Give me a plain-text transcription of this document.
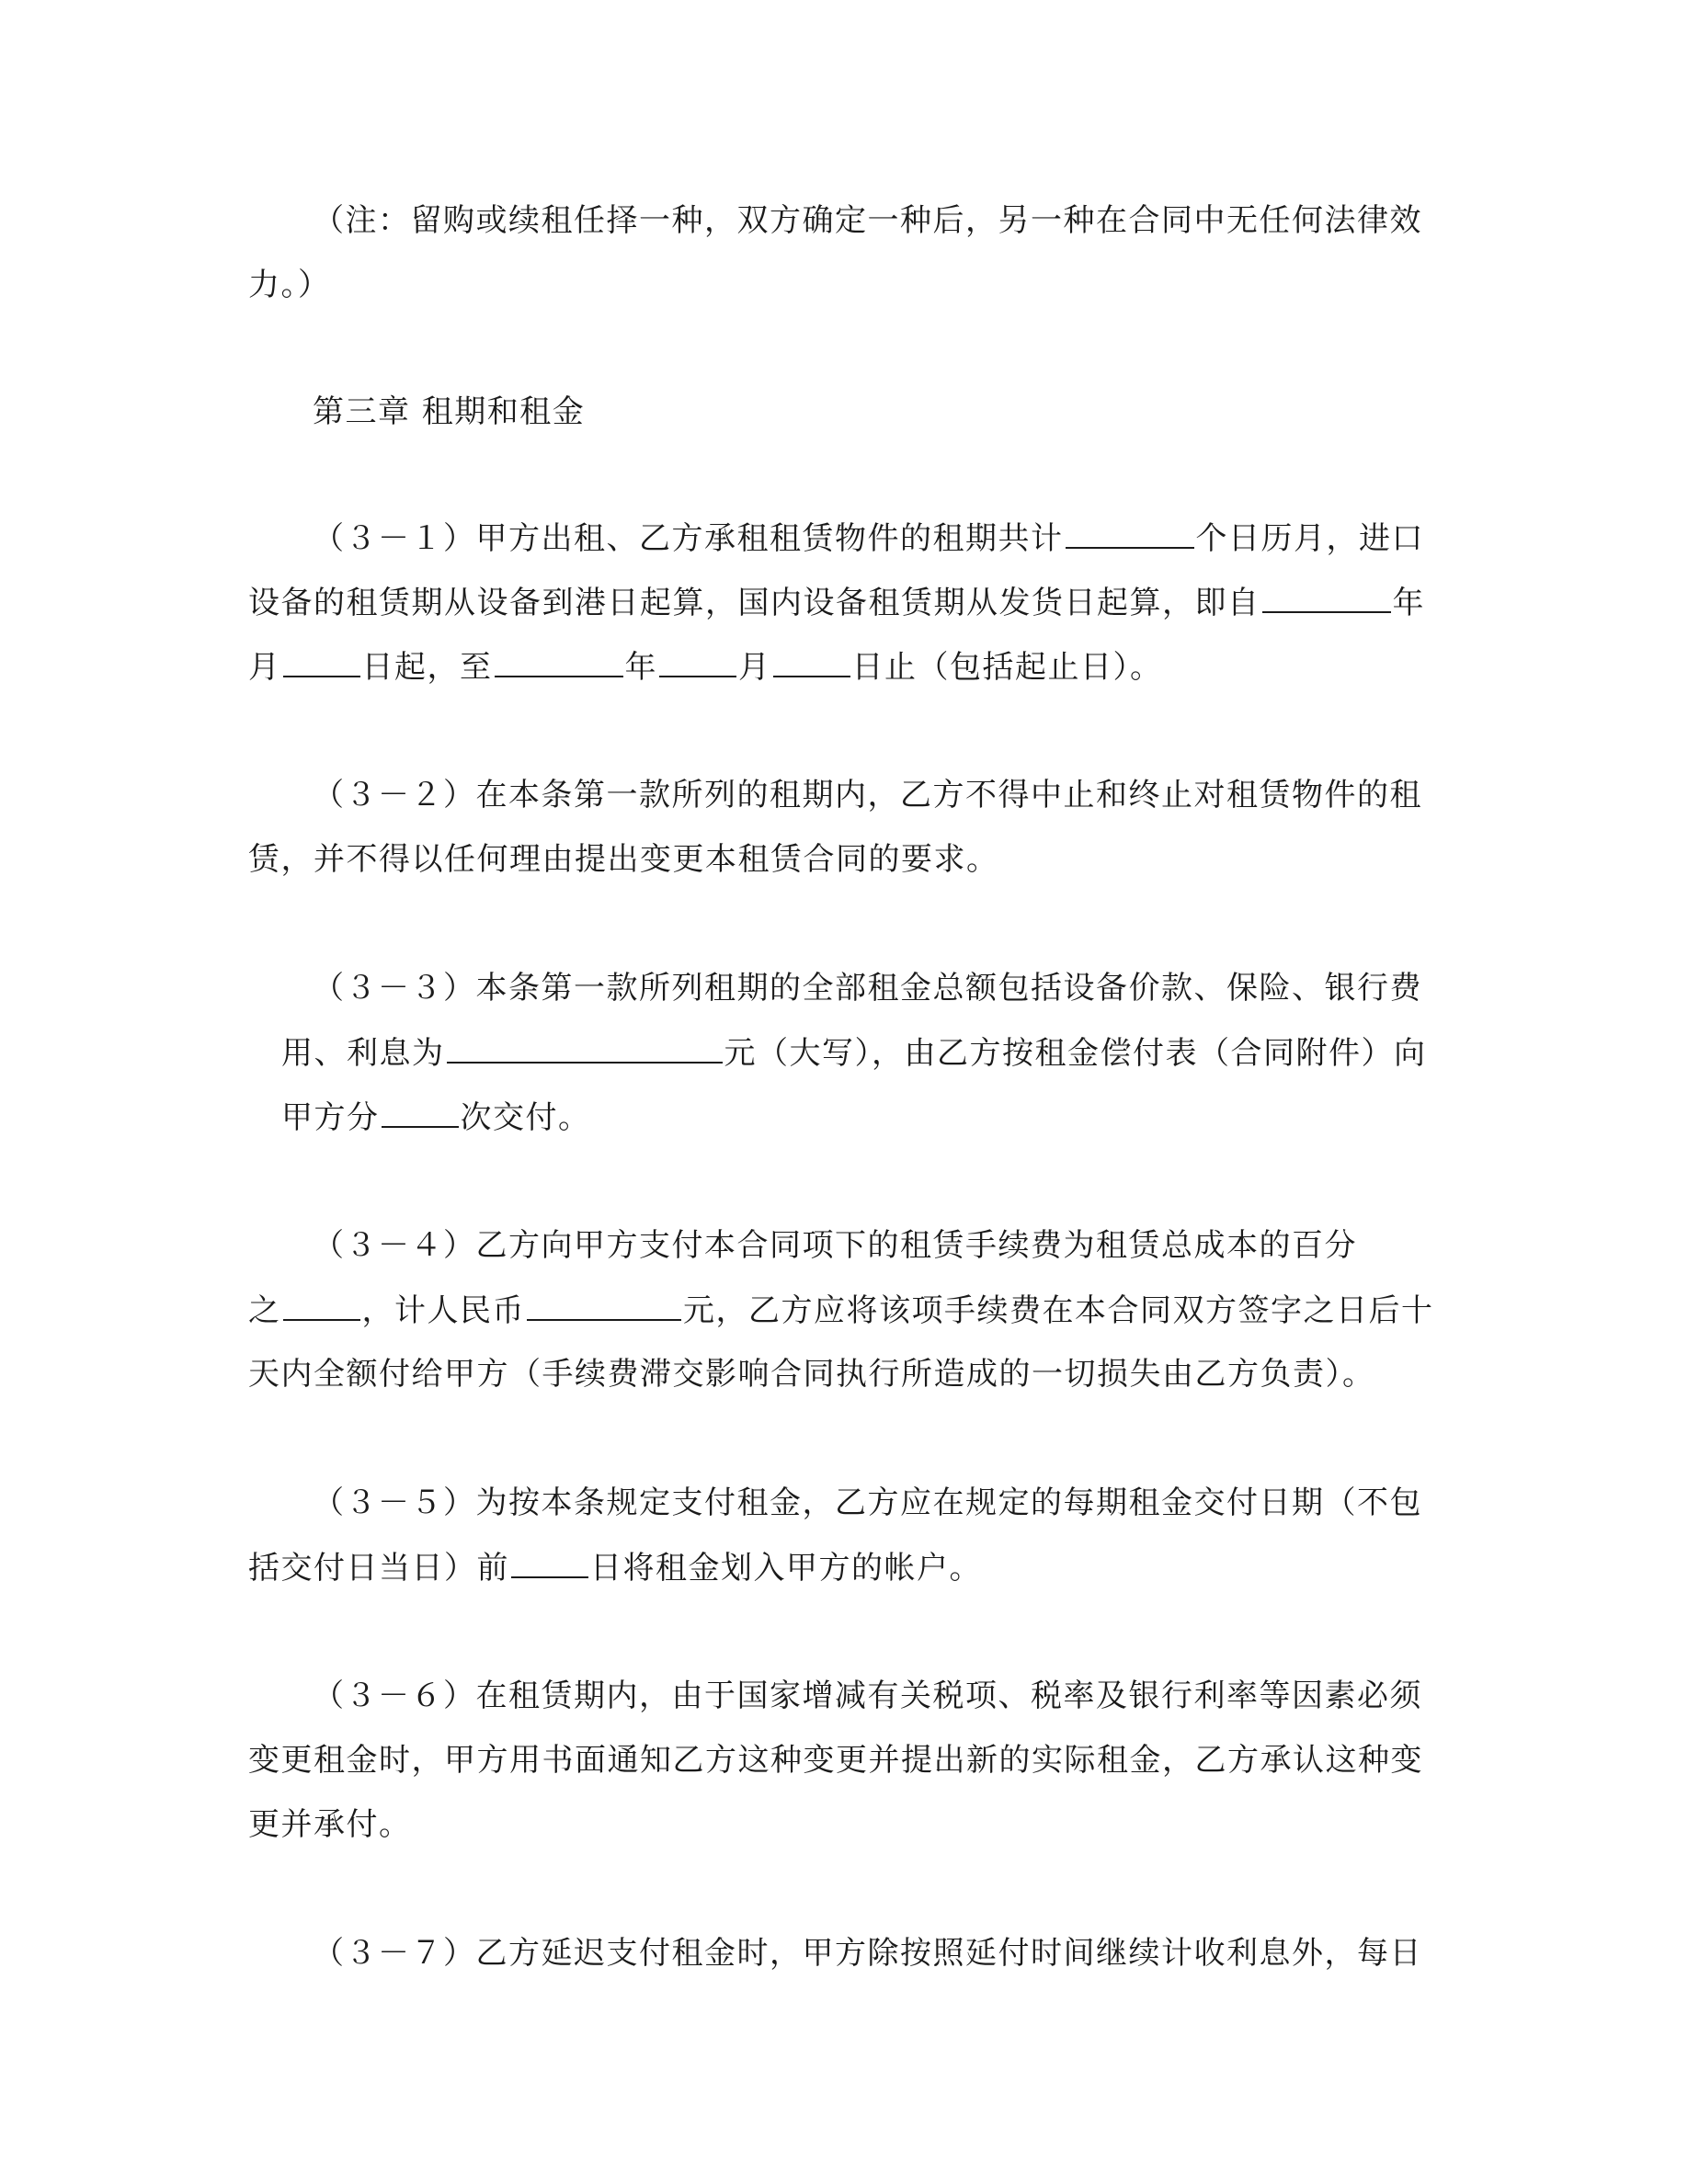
（注：留购或续租任择一种，双方确定一种后，另一种在合同中无任何法律效
力。）
第三章 租期和租金
（３－１）甲方出租、乙方承租租赁物件的租期共计	个日历月，进口
设备的租赁期从设备到港日起算，国内设备租赁期从发货日起算，即自	年
月	日起，至	年	月	日止（包括起止日）。
（３－２）在本条第一款所列的租期内，乙方不得中止和终止对租赁物件的租
赁，并不得以任何理由提出变更本租赁合同的要求。
（３－３）本条第一款所列租期的全部租金总额包括设备价款、保险、银行费
用、利息为	元（大写），由乙方按租金偿付表（合同附件）向
甲方分	次交付。
（３－４）乙方向甲方支付本合同项下的租赁手续费为租赁总成本的百分
之	，计人民币	元，乙方应将该项手续费在本合同双方签字之日后十
天内全额付给甲方（手续费滞交影响合同执行所造成的一切损失由乙方负责）。
（３－５）为按本条规定支付租金，乙方应在规定的每期租金交付日期（不包
括交付日当日）前	日将租金划入甲方的帐户。
（３－６）在租赁期内，由于国家增减有关税项、税率及银行利率等因素必须
变更租金时，甲方用书面通知乙方这种变更并提出新的实际租金，乙方承认这种变
更并承付。
（３－７）乙方延迟支付租金时，甲方除按照延付时间继续计收利息外，每日
